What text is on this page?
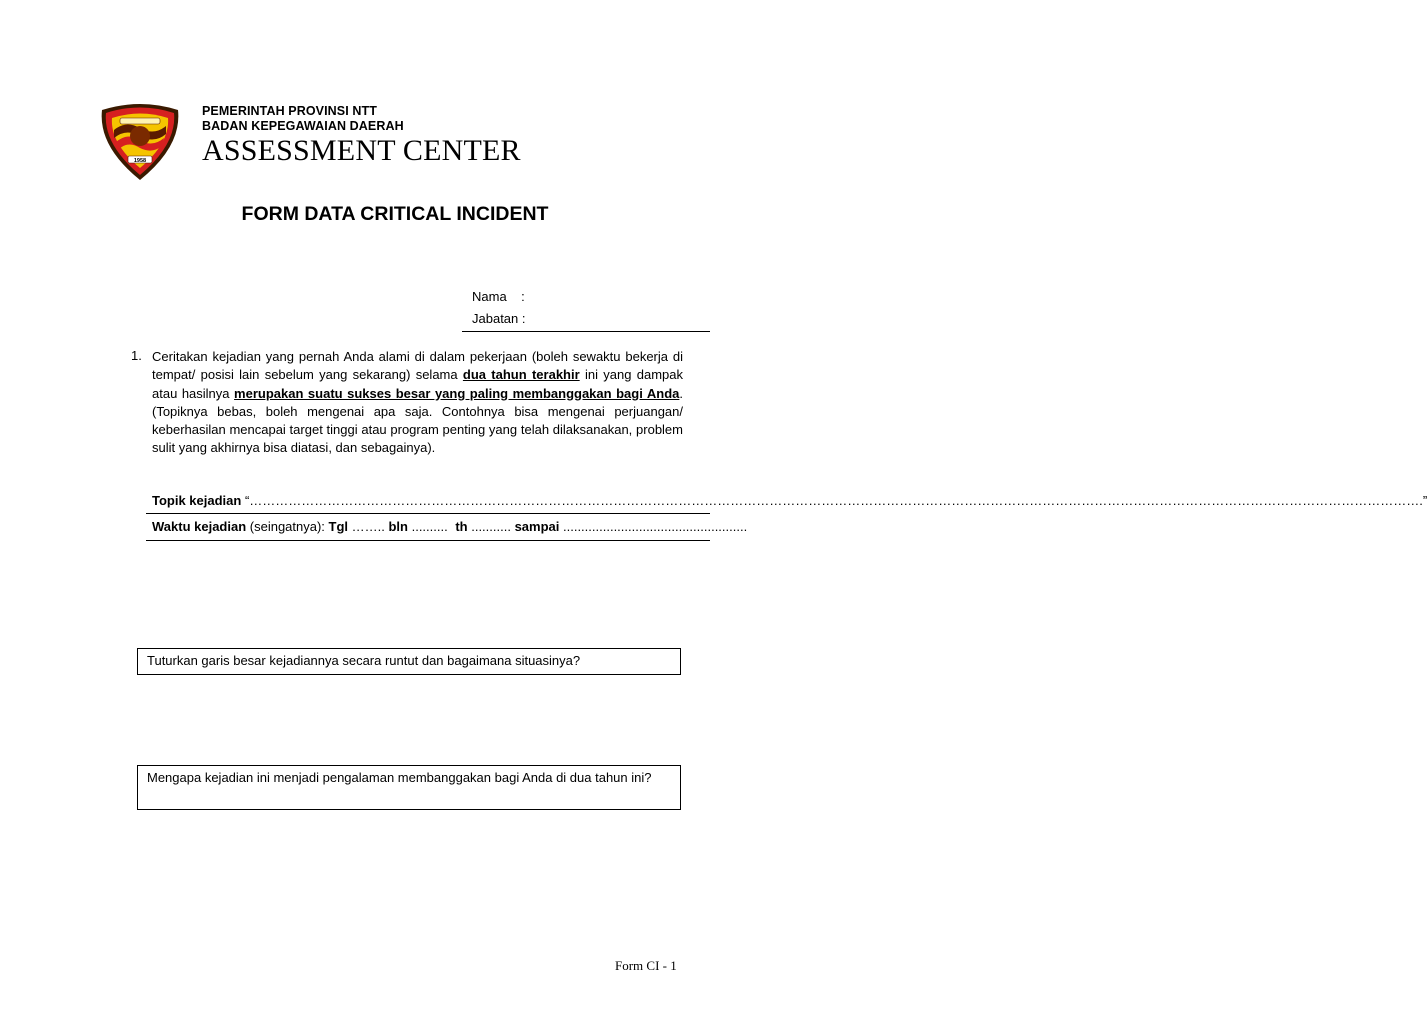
1958
PEMERINTAH PROVINSI NTT
BADAN KEPEGAWAIAN DAERAH
ASSESSMENT CENTER
FORM DATA CRITICAL INCIDENT
Nama    :
Jabatan :
1. Ceritakan kejadian yang pernah Anda alami di dalam pekerjaan (boleh sewaktu bekerja di tempat/ posisi lain sebelum yang sekarang) selama dua tahun terakhir ini yang dampak atau hasilnya merupakan suatu sukses besar yang paling membanggakan bagi Anda. (Topiknya bebas, boleh mengenai apa saja. Contohnya bisa mengenai perjuangan/ keberhasilan mencapai target tinggi atau program penting yang telah dilaksanakan, problem sulit yang akhirnya bisa diatasi, dan sebagainya).
Topik kejadian “……………………………………………………………………………………………………………………………………………………………………………………………………………………………………………….”
Waktu kejadian (seingatnya): Tgl …….. bln .......... th ........... sampai ...................................................
Tuturkan garis besar kejadiannya secara runtut dan bagaimana situasinya?
Mengapa kejadian ini menjadi pengalaman membanggakan bagi Anda di dua tahun ini?
Form CI - 1
